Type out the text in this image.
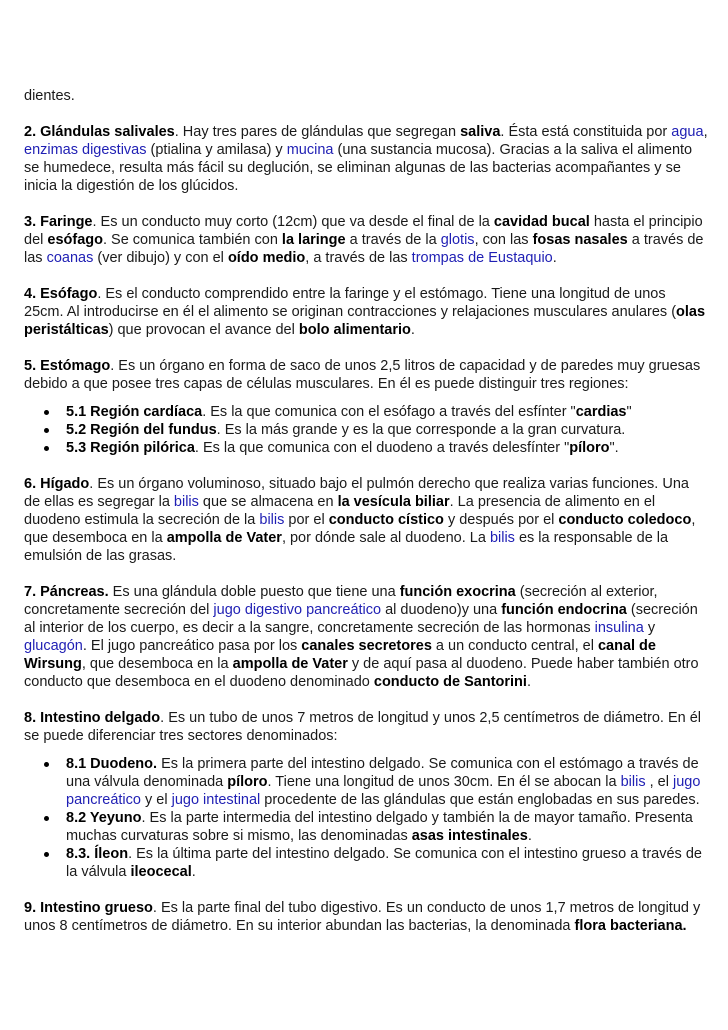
dientes.

2. Glándulas salivales. Hay tres pares de glándulas que segregan saliva. Ésta está constituida por agua, enzimas digestivas (ptialina y amilasa) y mucina (una sustancia mucosa). Gracias a la saliva el alimento se humedece, resulta más fácil su deglución, se eliminan algunas de las bacterias acompañantes y se inicia la digestión de los glúcidos.

3. Faringe. Es un conducto muy corto (12cm) que va desde el final de la cavidad bucal hasta el principio del esófago. Se comunica también con la laringe a través de la glotis, con las fosas nasales a través de las coanas (ver dibujo) y con el oído medio, a través de las trompas de Eustaquio.

4. Esófago. Es el conducto comprendido entre la faringe y el estómago. Tiene una longitud de unos 25cm. Al introducirse en él el alimento se originan contracciones y relajaciones musculares anulares (olas peristálticas) que provocan el avance del bolo alimentario.

5. Estómago. Es un órgano en forma de saco de unos 2,5 litros de capacidad y de paredes muy gruesas debido a que posee tres capas de células musculares. En él es puede distinguir tres regiones:

5.1 Región cardíaca. Es la que comunica con el esófago a través del esfínter "cardias"
5.2 Región del fundus. Es la más grande y es la que corresponde a la gran curvatura.
5.3 Región pilórica. Es la que comunica con el duodeno a través delesfínter "píloro".

6. Hígado. Es un órgano voluminoso, situado bajo el pulmón derecho que realiza varias funciones. Una de ellas es segregar la bilis que se almacena en la vesícula biliar. La presencia de alimento en el duodeno estimula la secreción de la bilis por el conducto cístico y después por el conducto coledoco, que desemboca en la ampolla de Vater, por dónde sale al duodeno. La bilis es la responsable de la emulsión de las grasas.

7. Páncreas. Es una glándula doble puesto que tiene una función exocrina (secreción al exterior, concretamente secreción del jugo digestivo pancreático al duodeno)y una función endocrina (secreción al interior de los cuerpo, es decir a la sangre, concretamente secreción de las hormonas insulina y glucagón. El jugo pancreático pasa por los canales secretores a un conducto central, el canal de Wirsung, que desemboca en la ampolla de Vater y de aquí pasa al duodeno. Puede haber también otro conducto que desemboca en el duodeno denominado conducto de Santorini.

8. Intestino delgado. Es un tubo de unos 7 metros de longitud y unos 2,5 centímetros de diámetro. En él se puede diferenciar tres sectores denominados:

8.1 Duodeno. Es la primera parte del intestino delgado. Se comunica con el estómago a través de una válvula denominada píloro. Tiene una longitud de unos 30cm. En él se abocan la bilis , el jugo pancreático y el jugo intestinal procedente de las glándulas que están englobadas en sus paredes.
8.2 Yeyuno. Es la parte intermedia del intestino delgado y también la de mayor tamaño. Presenta muchas curvaturas sobre si mismo, las denominadas asas intestinales.
8.3. Íleon. Es la última parte del intestino delgado. Se comunica con el intestino grueso a través de la válvula ileocecal.

9. Intestino grueso. Es la parte final del tubo digestivo. Es un conducto de unos 1,7 metros de longitud y unos 8 centímetros de diámetro. En su interior abundan las bacterias, la denominada flora bacteriana.
